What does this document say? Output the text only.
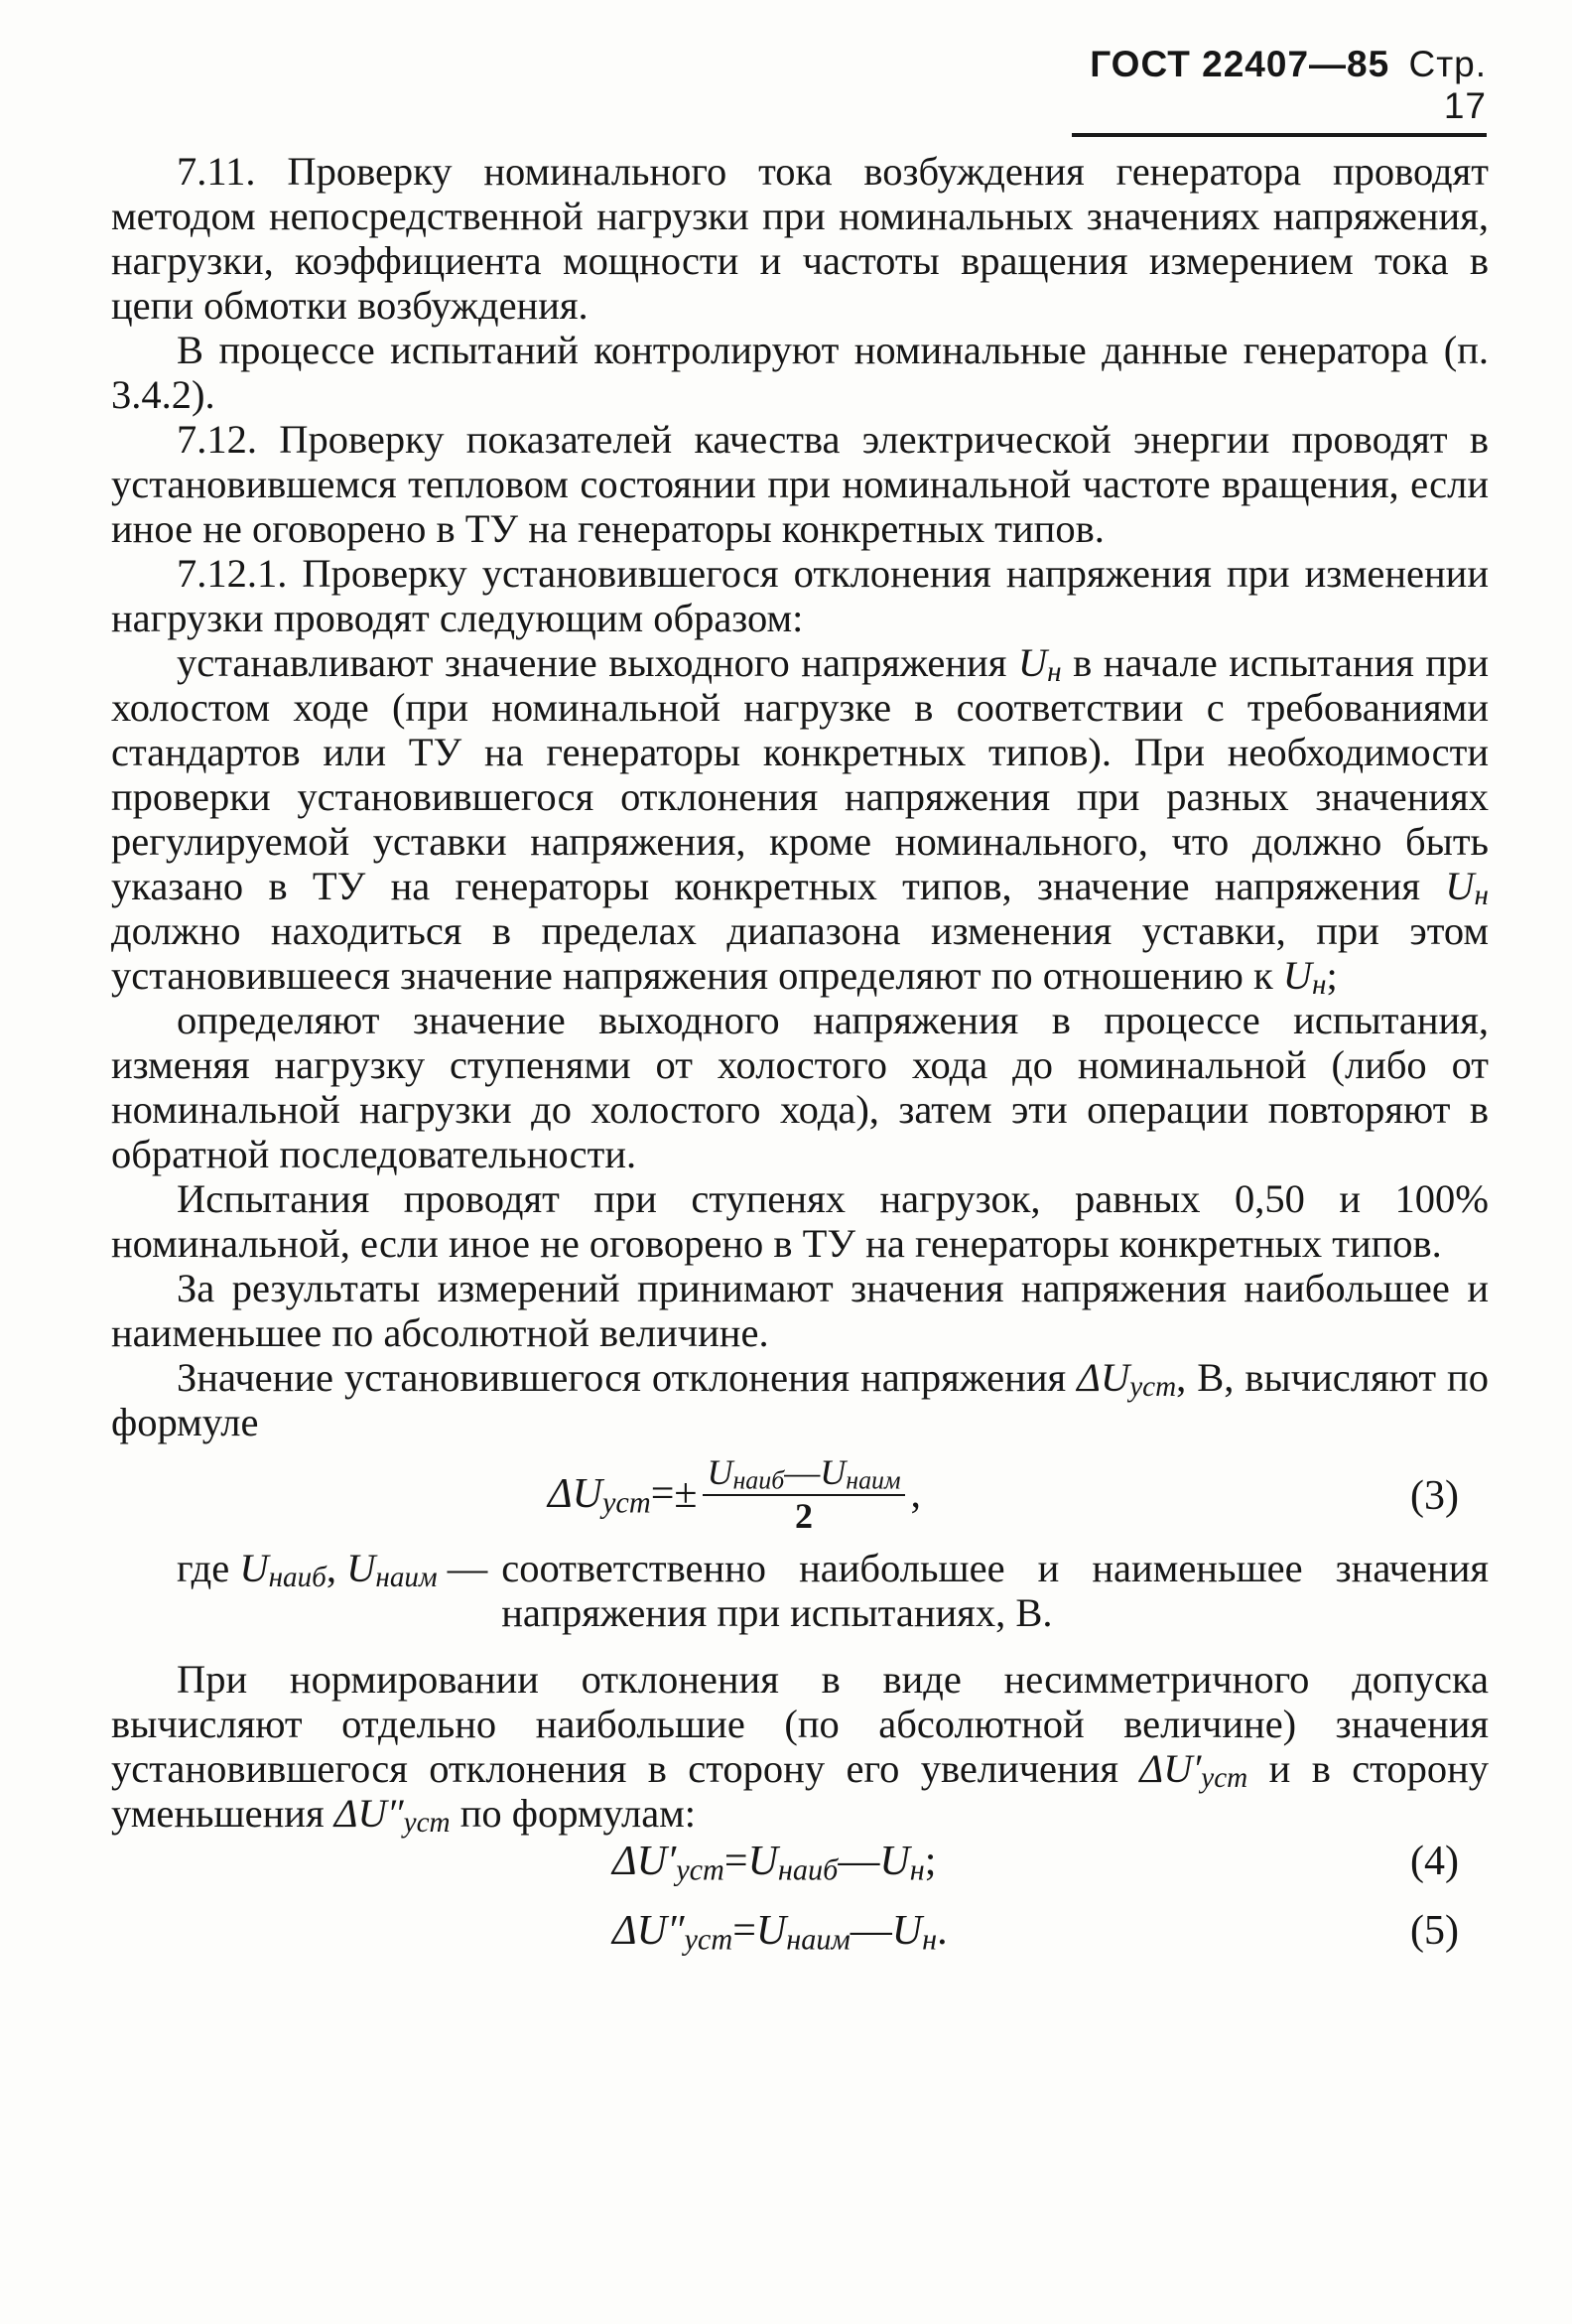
ГОСТ 22407—85 Стр. 17

7.11. Проверку номинального тока возбуждения генератора проводят методом непосредственной нагрузки при номинальных значениях напряжения, нагрузки, коэффициента мощности и частоты вращения измерением тока в цепи обмотки возбуждения.

В процессе испытаний контролируют номинальные данные генератора (п. 3.4.2).

7.12. Проверку показателей качества электрической энергии проводят в установившемся тепловом состоянии при номинальной частоте вращения, если иное не оговорено в ТУ на генераторы конкретных типов.

7.12.1. Проверку установившегося отклонения напряжения при изменении нагрузки проводят следующим образом:

устанавливают значение выходного напряжения $U_н$ в начале испытания при холостом ходе (при номинальной нагрузке в соответствии с требованиями стандартов или ТУ на генераторы конкретных типов). При необходимости проверки установившегося отклонения напряжения при разных значениях регулируемой уставки напряжения, кроме номинального, что должно быть указано в ТУ на генераторы конкретных типов, значение напряжения $U_н$ должно находиться в пределах диапазона изменения уставки, при этом установившееся значение напряжения определяют по отношению к $U_н$;

определяют значение выходного напряжения в процессе испытания, изменяя нагрузку ступенями от холостого хода до номинальной (либо от номинальной нагрузки до холостого хода), затем эти операции повторяют в обратной последовательности.

Испытания проводят при ступенях нагрузок, равных 0,50 и 100% номинальной, если иное не оговорено в ТУ на генераторы конкретных типов.

За результаты измерений принимают значения напряжения наибольшее и наименьшее по абсолютной величине.

Значение установившегося отклонения напряжения $\Delta U_{уст}$, В, вычисляют по формуле

$\Delta U_{уст}$ = ± $\frac{U_{наиб}—U_{наим}}{2}$ ,	(3)
где $U_{наиб}$, $U_{наим}$ — соответственно наибольшее и наименьшее значения напряжения при испытаниях, В.

При нормировании отклонения в виде несимметричного допуска вычисляют отдельно наибольшие (по абсолютной величине) значения установившегося отклонения в сторону его увеличения $\Delta U'_{уст}$ и в сторону уменьшения $\Delta U''_{уст}$ по формулам:

$\Delta U'_{уст} = U_{наиб}$ — $U_н$ ;	(4)
$\Delta U''_{уст} = U_{наим}$ — $U_н$ .	(5)
